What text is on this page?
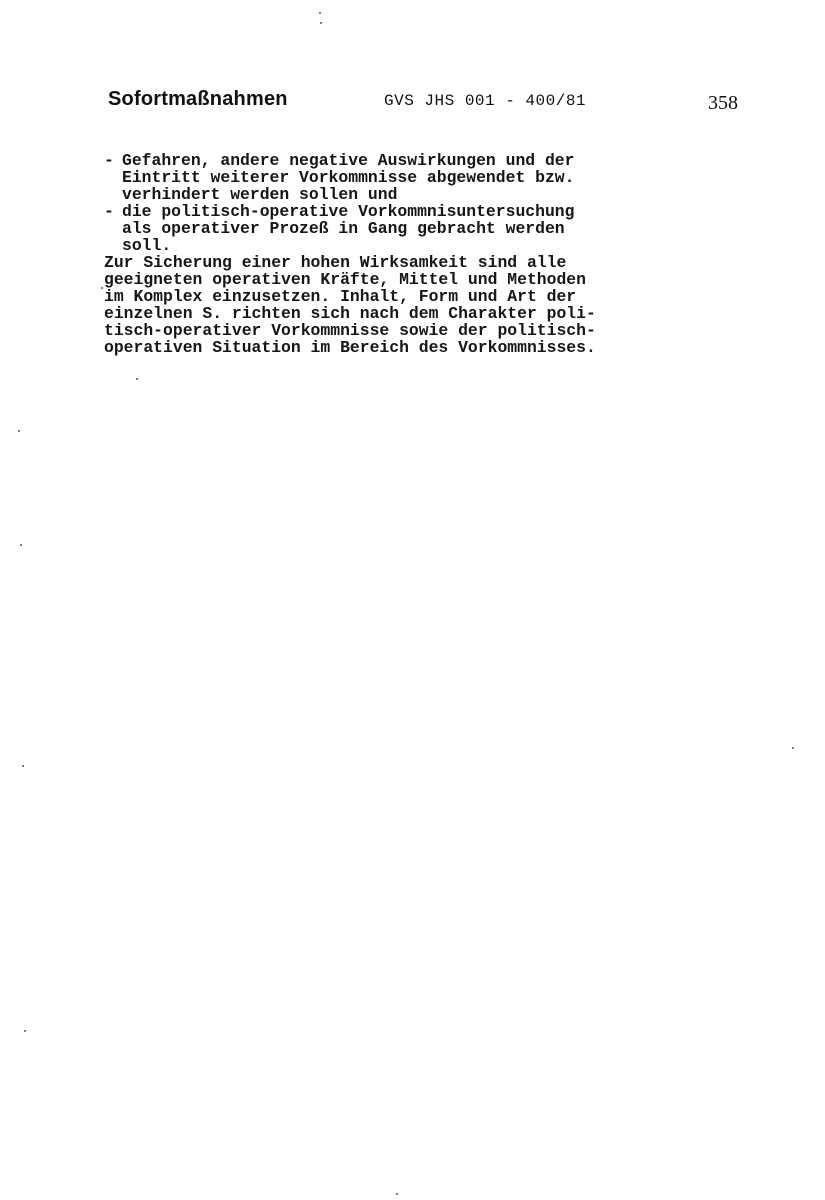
Sofortmaßnahmen	GVS JHS 001 - 400/81	358
- Gefahren, andere negative Auswirkungen und der
Eintritt weiterer Vorkommnisse abgewendet bzw.
verhindert werden sollen und
- die politisch-operative Vorkommnisuntersuchung
als operativer Prozeß in Gang gebracht werden
soll.
Zur Sicherung einer hohen Wirksamkeit sind alle
geeigneten operativen Kräfte, Mittel und Methoden
im Komplex einzusetzen. Inhalt, Form und Art der
einzelnen S. richten sich nach dem Charakter poli-
tisch-operativer Vorkommnisse sowie der politisch-
operativen Situation im Bereich des Vorkommnisses.
